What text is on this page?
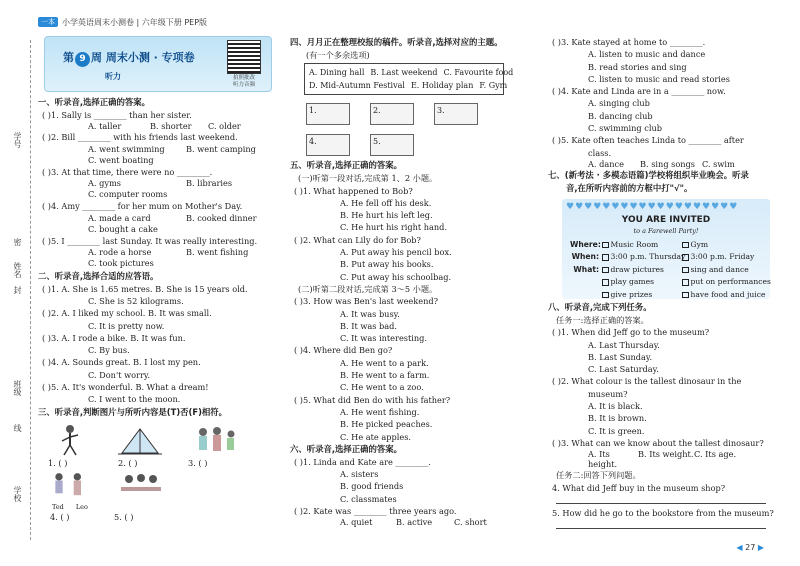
一本 小学英语周末小测卷 | 六年级下册 PEP版
学号
密
姓名
封
班级
线
学校
第 9 周 周末小测 · 专项卷
听力	拍照批改
听力音频
一、听录音,选择正确的答案。
( )1. Sally is ________ than her sister.
A. taller	B. shorter	C. older
( )2. Bill ________ with his friends last weekend.
A. went swimming	B. went camping
C. went boating
( )3. At that time, there were no ________.
A. gyms	B. libraries
C. computer rooms
( )4. Amy ________ for her mum on Mother's Day.
A. made a card	B. cooked dinner
C. bought a cake
( )5. I ________ last Sunday. It was really interesting.
A. rode a horse	B. went fishing
C. took pictures
二、听录音,选择合适的应答语。
( )1. A. She is 1.65 metres. B. She is 15 years old.
C. She is 52 kilograms.
( )2. A. I liked my school. B. It was small.
C. It is pretty now.
( )3. A. I rode a bike. B. It was fun.
C. By bus.
( )4. A. Sounds great. B. I lost my pen.
C. Don't worry.
( )5. A. It's wonderful. B. What a dream!
C. I went to the moon.
三、听录音,判断图片与所听内容是(T)否(F)相符。
1. ( )	2. ( )	3. ( )
Ted Leo
4. ( )	5. ( )
四、月月正在整理校报的稿件。听录音,选择对应的主题。
(有一个多余选项)
A. Dining hall B. Last weekend C. Favourite food
D. Mid-Autumn Festival E. Holiday plan F. Gym
1.	2.	3.
4.	5.
五、听录音,选择正确的答案。
(一)听第一段对话,完成第 1、2 小题。
( )1. What happened to Bob?
A. He fell off his desk.
B. He hurt his left leg.
C. He hurt his right hand.
( )2. What can Lily do for Bob?
A. Put away his pencil box.
B. Put away his books.
C. Put away his schoolbag.
(二)听第二段对话,完成第 3～5 小题。
( )3. How was Ben's last weekend?
A. It was busy.
B. It was bad.
C. It was interesting.
( )4. Where did Ben go?
A. He went to a park.
B. He went to a farm.
C. He went to a zoo.
( )5. What did Ben do with his father?
A. He went fishing.
B. He picked peaches.
C. He ate apples.
六、听录音,选择正确的答案。
( )1. Linda and Kate are ________.
A. sisters
B. good friends
C. classmates
( )2. Kate was ________ three years ago.
A. quiet	B. active	C. short
( )3. Kate stayed at home to ________.
A. listen to music and dance
B. read stories and sing
C. listen to music and read stories
( )4. Kate and Linda are in a ________ now.
A. singing club
B. dancing club
C. swimming club
( )5. Kate often teaches Linda to ________ after
class.
A. dance	B. sing songs C. swim
七、(新考法 · 多模态语篇)学校将组织毕业晚会。听录
音,在所听内容前的方框中打"√"。
♥♥♥♥♥♥♥♥♥♥♥♥♥♥♥♥♥♥♥
YOU ARE INVITED
to a Farewell Party!
Where:	Music Room	Gym
When:	3:00 p.m. Thursday 3:00 p.m. Friday
What:	draw pictures	sing and dance
play games	put on performances
give prizes	have food and juice
八、听录音,完成下列任务。
任务一:选择正确的答案。
( )1. When did Jeff go to the museum?
A. Last Thursday.
B. Last Sunday.
C. Last Saturday.
( )2. What colour is the tallest dinosaur in the
museum?
A. It is black.
B. It is brown.
C. It is green.
( )3. What can we know about the tallest dinosaur?
A. Its height.
B. Its weight. C. Its age.
任务二:回答下列问题。
4. What did Jeff buy in the museum shop?
5. How did he go to the bookstore from the museum?
◀ 27 ▶
